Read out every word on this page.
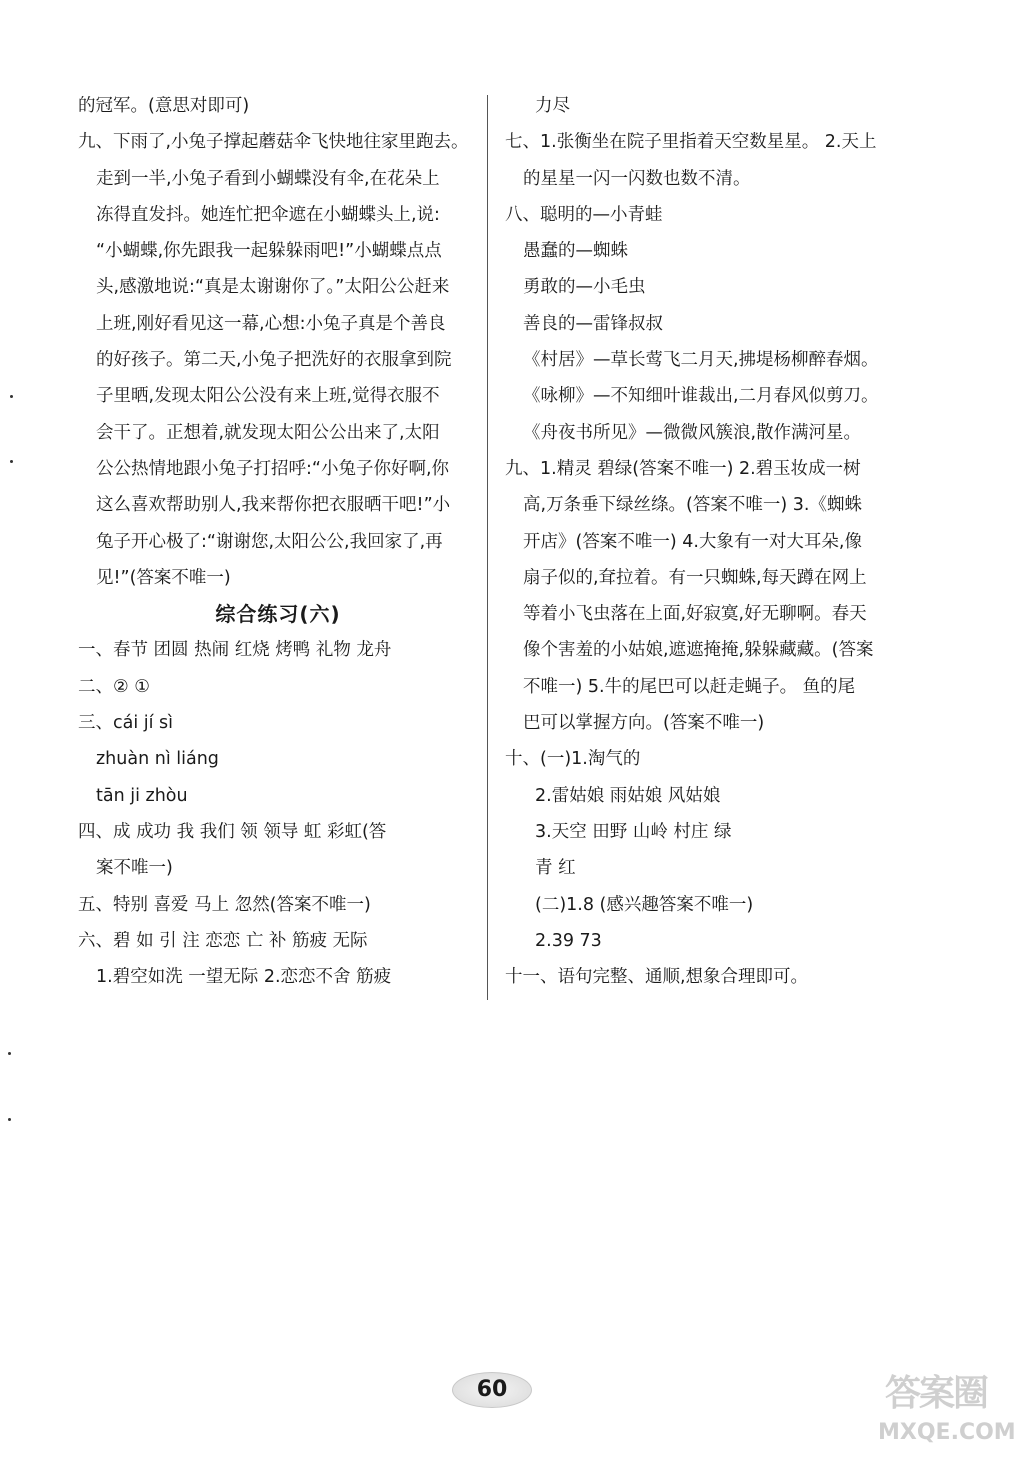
的冠军。(意思对即可)
九、下雨了,小兔子撑起蘑菇伞飞快地往家里跑去。
走到一半,小兔子看到小蝴蝶没有伞,在花朵上
冻得直发抖。她连忙把伞遮在小蝴蝶头上,说:
“小蝴蝶,你先跟我一起躲躲雨吧!”小蝴蝶点点
头,感激地说:“真是太谢谢你了。”太阳公公赶来
上班,刚好看见这一幕,心想:小兔子真是个善良
的好孩子。第二天,小兔子把洗好的衣服拿到院
子里晒,发现太阳公公没有来上班,觉得衣服不
会干了。正想着,就发现太阳公公出来了,太阳
公公热情地跟小兔子打招呼:“小兔子你好啊,你
这么喜欢帮助别人,我来帮你把衣服晒干吧!”小
兔子开心极了:“谢谢您,太阳公公,我回家了,再
见!”(答案不唯一)
综合练习(六)
一、春节 团圆 热闹 红烧 烤鸭 礼物 龙舟
二、② ①
三、cái jí sì
zhuàn nì liáng
tān ji zhòu
四、成 成功 我 我们 领 领导 虹 彩虹(答
案不唯一)
五、特别 喜爱 马上 忽然(答案不唯一)
六、碧 如 引 注 恋恋 亡 补 筋疲 无际
1.碧空如洗 一望无际 2.恋恋不舍 筋疲
力尽
七、1.张衡坐在院子里指着天空数星星。 2.天上
的星星一闪一闪数也数不清。
八、聪明的—小青蛙
愚蠢的—蜘蛛
勇敢的—小毛虫
善良的—雷锋叔叔
《村居》—草长莺飞二月天,拂堤杨柳醉春烟。
《咏柳》—不知细叶谁裁出,二月春风似剪刀。
《舟夜书所见》—微微风簇浪,散作满河星。
九、1.精灵 碧绿(答案不唯一) 2.碧玉妆成一树
高,万条垂下绿丝绦。(答案不唯一) 3.《蜘蛛
开店》(答案不唯一) 4.大象有一对大耳朵,像
扇子似的,耷拉着。有一只蜘蛛,每天蹲在网上
等着小飞虫落在上面,好寂寞,好无聊啊。春天
像个害羞的小姑娘,遮遮掩掩,躲躲藏藏。(答案
不唯一) 5.牛的尾巴可以赶走蝇子。 鱼的尾
巴可以掌握方向。(答案不唯一)
十、(一)1.淘气的
2.雷姑娘 雨姑娘 风姑娘
3.天空 田野 山岭 村庄 绿
青 红
(二)1.8 (感兴趣答案不唯一)
2.39 73
十一、语句完整、通顺,想象合理即可。
60	答案圈
MXQE.COM
